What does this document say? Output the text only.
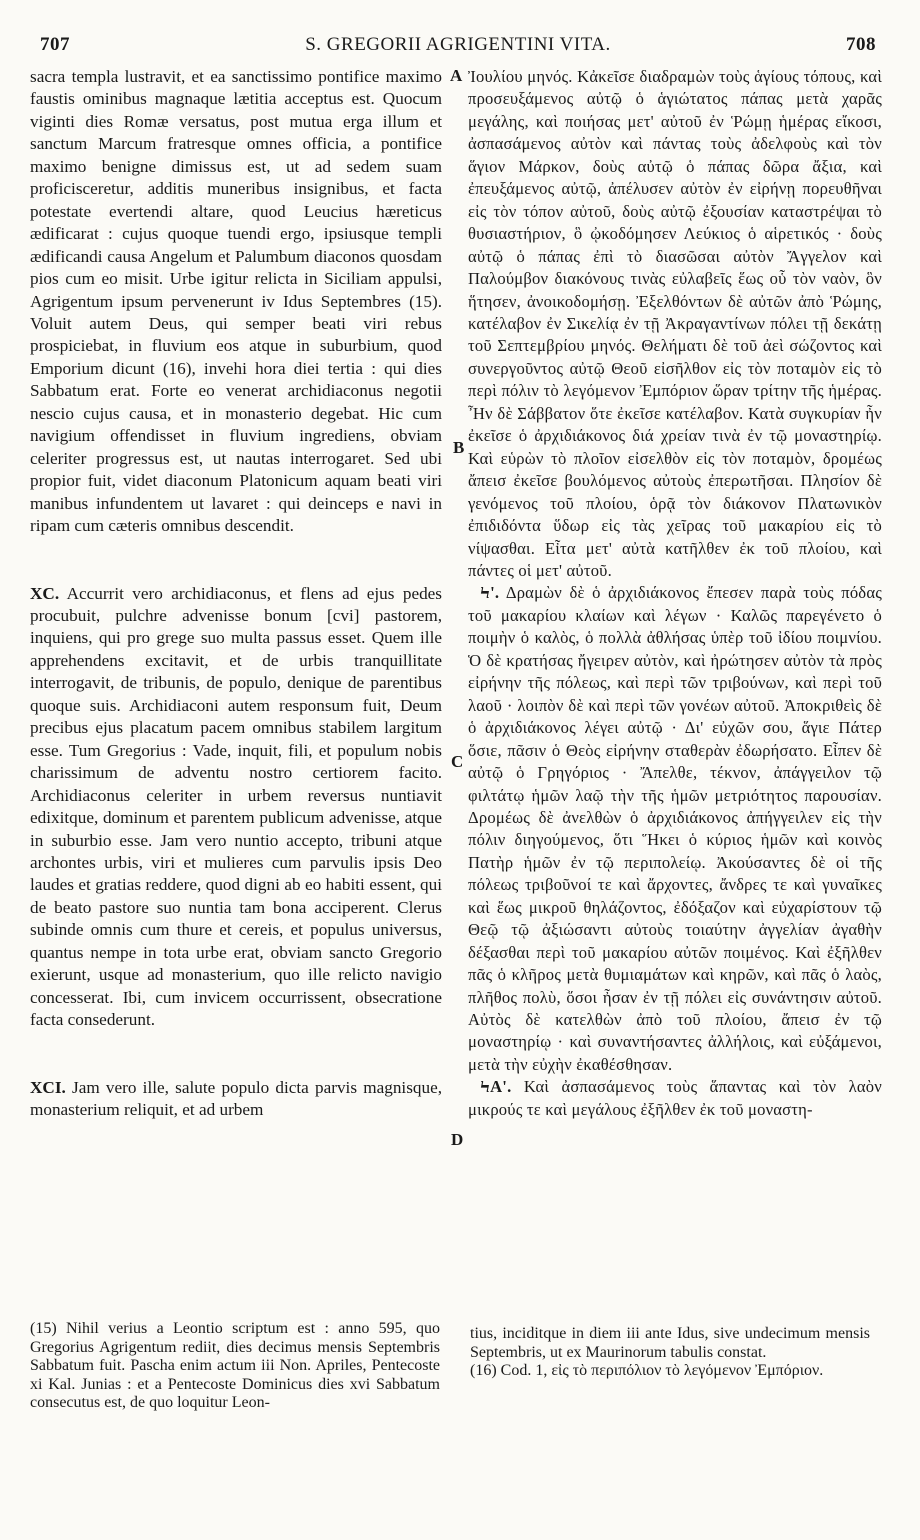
707	S. GREGORII AGRIGENTINI VITA.	708

sacra templa lustravit, et ea sanctissimo pontifice maximo faustis ominibus magnaque lætitia acceptus est. Quocum viginti dies Romæ versatus, post mutua erga illum et sanctum Marcum fratresque omnes officia, a pontifice maximo benigne dimissus est, ut ad sedem suam proficisceretur, additis muneribus insignibus, et facta potestate evertendi altare, quod Leucius hæreticus ædificarat : cujus quoque tuendi ergo, ipsiusque templi ædificandi causa Angelum et Palumbum diaconos quosdam pios cum eo misit. Urbe igitur relicta in Siciliam appulsi, Agrigentum ipsum pervenerunt iv Idus Septembres (15). Voluit autem Deus, qui semper beati viri rebus prospiciebat, in fluvium eos atque in suburbium, quod Emporium dicunt (16), invehi hora diei tertia : qui dies Sabbatum erat. Forte eo venerat archidiaconus negotii nescio cujus causa, et in monasterio degebat. Hic cum navigium offendisset in fluvium ingrediens, obviam celeriter progressus est, ut nautas interrogaret. Sed ubi propior fuit, videt diaconum Platonicum aquam beati viri manibus infundentem ut lavaret : qui deinceps e navi in ripam cum cæteris omnibus descendit.

XC. Accurrit vero archidiaconus, et flens ad ejus pedes procubuit, pulchre advenisse bonum [cvi] pastorem, inquiens, qui pro grege suo multa passus esset. Quem ille apprehendens excitavit, et de urbis tranquillitate interrogavit, de tribunis, de populo, denique de parentibus quoque suis. Archidiaconi autem responsum fuit, Deum precibus ejus placatum pacem omnibus stabilem largitum esse. Tum Gregorius : Vade, inquit, fili, et populum nobis charissimum de adventu nostro certiorem facito. Archidiaconus celeriter in urbem reversus nuntiavit edixitque, dominum et parentem publicum advenisse, atque in suburbio esse. Jam vero nuntio accepto, tribuni atque archontes urbis, viri et mulieres cum parvulis ipsis Deo laudes et gratias reddere, quod digni ab eo habiti essent, qui de beato pastore suo nuntia tam bona acciperent. Clerus subinde omnis cum thure et cereis, et populus universus, quantus nempe in tota urbe erat, obviam sancto Gregorio exierunt, usque ad monasterium, quo ille relicto navigio concesserat. Ibi, cum invicem occurrissent, obsecratione facta consederunt.

XCI. Jam vero ille, salute populo dicta parvis magnisque, monasterium reliquit, et ad urbem

A
B
C
D

Ἰουλίου μηνός. Κἀκεῖσε διαδραμὼν τοὺς ἁγίους τόπους, καὶ προσευξάμενος αὐτῷ ὁ ἁγιώτατος πάπας μετὰ χαρᾶς μεγάλης, καὶ ποιήσας μετ' αὐτοῦ ἐν Ῥώμῃ ἡμέρας εἴκοσι, ἀσπασάμενος αὐτὸν καὶ πάντας τοὺς ἀδελφοὺς καὶ τὸν ἅγιον Μάρκον, δοὺς αὐτῷ ὁ πάπας δῶρα ἄξια, καὶ ἐπευξάμενος αὐτῷ, ἀπέλυσεν αὐτὸν ἐν εἰρήνῃ πορευθῆναι εἰς τὸν τόπον αὐτοῦ, δοὺς αὐτῷ ἐξουσίαν καταστρέψαι τὸ θυσιαστήριον, ὃ ᾠκοδόμησεν Λεύκιος ὁ αἱρετικός · δοὺς αὐτῷ ὁ πάπας ἐπὶ τὸ διασῶσαι αὐτὸν Ἄγγελον καὶ Παλούμβον διακόνους τινὰς εὐλαβεῖς ἕως οὗ τὸν ναὸν, ὃν ἥτησεν, ἀνοικοδομήσῃ. Ἐξελθόντων δὲ αὐτῶν ἀπὸ Ῥώμης, κατέλαβον ἐν Σικελίᾳ ἐν τῇ Ἀκραγαντίνων πόλει τῇ δεκάτῃ τοῦ Σεπτεμβρίου μηνός. Θελήματι δὲ τοῦ ἀεὶ σώζοντος καὶ συνεργοῦντος αὐτῷ Θεοῦ εἰσῆλθον εἰς τὸν ποταμὸν εἰς τὸ περὶ πόλιν τὸ λεγόμενον Ἐμπόριον ὥραν τρίτην τῆς ἡμέρας. Ἦν δὲ Σάββατον ὅτε ἐκεῖσε κατέλαβον. Κατὰ συγκυρίαν ἦν ἐκεῖσε ὁ ἀρχιδιάκονος διά χρείαν τινὰ ἐν τῷ μοναστηρίῳ. Καὶ εὑρὼν τὸ πλοῖον εἰσελθὸν εἰς τὸν ποταμὸν, δρομέως ἄπεισ ἐκεῖσε βουλόμενος αὐτοὺς ἐπερωτῆσαι. Πλησίον δὲ γενόμενος τοῦ πλοίου, ὁρᾷ τὸν διάκονον Πλατωνικὸν ἐπιδιδόντα ὕδωρ εἰς τὰς χεῖρας τοῦ μακαρίου εἰς τὸ νίψασθαι. Εἶτα μετ' αὐτὰ κατῆλθεν ἐκ τοῦ πλοίου, καὶ πάντες οἱ μετ' αὐτοῦ.

Ϟ'. Δραμὼν δὲ ὁ ἀρχιδιάκονος ἔπεσεν παρὰ τοὺς πόδας τοῦ μακαρίου κλαίων καὶ λέγων · Καλῶς παρεγένετο ὁ ποιμὴν ὁ καλὸς, ὁ πολλὰ ἀθλήσας ὑπὲρ τοῦ ἰδίου ποιμνίου. Ὁ δὲ κρατήσας ἤγειρεν αὐτὸν, καὶ ἠρώτησεν αὐτὸν τὰ πρὸς εἰρήνην τῆς πόλεως, καὶ περὶ τῶν τριβούνων, καὶ περὶ τοῦ λαοῦ · λοιπὸν δὲ καὶ περὶ τῶν γονέων αὐτοῦ. Ἀποκριθεὶς δὲ ὁ ἀρχιδιάκονος λέγει αὐτῷ · Δι' εὐχῶν σου, ἅγιε Πάτερ ὅσιε, πᾶσιν ὁ Θεὸς εἰρήνην σταθερὰν ἐδωρήσατο. Εἶπεν δὲ αὐτῷ ὁ Γρηγόριος · Ἄπελθε, τέκνον, ἀπάγγειλον τῷ φιλτάτῳ ἡμῶν λαῷ τὴν τῆς ἡμῶν μετριότητος παρουσίαν. Δρομέως δὲ ἀνελθὼν ὁ ἀρχιδιάκονος ἀπήγγειλεν εἰς τὴν πόλιν διηγούμενος, ὅτι Ἥκει ὁ κύριος ἡμῶν καὶ κοινὸς Πατὴρ ἡμῶν ἐν τῷ περιπολείῳ. Ἀκούσαντες δὲ οἱ τῆς πόλεως τριβοῦνοί τε καὶ ἄρχοντες, ἄνδρες τε καὶ γυναῖκες καὶ ἕως μικροῦ θηλάζοντος, ἐδόξαζον καὶ εὐχαρίστουν τῷ Θεῷ τῷ ἀξιώσαντι αὐτοὺς τοιαύτην ἀγγελίαν ἀγαθὴν δέξασθαι περὶ τοῦ μακαρίου αὐτῶν ποιμένος. Καὶ ἐξῆλθεν πᾶς ὁ κλῆρος μετὰ θυμιαμάτων καὶ κηρῶν, καὶ πᾶς ὁ λαὸς, πλῆθος πολὺ, ὅσοι ἦσαν ἐν τῇ πόλει εἰς συνάντησιν αὐτοῦ. Αὐτὸς δὲ κατελθὼν ἀπὸ τοῦ πλοίου, ἄπεισ ἐν τῷ μοναστηρίῳ · καὶ συναντήσαντες ἀλλήλοις, καὶ εὐξάμενοι, μετὰ τὴν εὐχὴν ἐκαθέσθησαν.

ϞΑ'. Καὶ ἀσπασάμενος τοὺς ἅπαντας καὶ τὸν λαὸν μικρούς τε καὶ μεγάλους ἐξῆλθεν ἐκ τοῦ μοναστη-

(15) Nihil verius a Leontio scriptum est : anno 595, quo Gregorius Agrigentum rediit, dies decimus mensis Septembris Sabbatum fuit. Pascha enim actum iii Non. Apriles, Pentecoste xi Kal. Junias : et a Pentecoste Dominicus dies xvi Sabbatum consecutus est, de quo loquitur Leon-

tius, inciditque in diem iii ante Idus, sive undecimum mensis Septembris, ut ex Maurinorum tabulis constat.

(16) Cod. 1, εἰς τὸ περιπόλιον τὸ λεγόμενον Ἐμπόριον.
